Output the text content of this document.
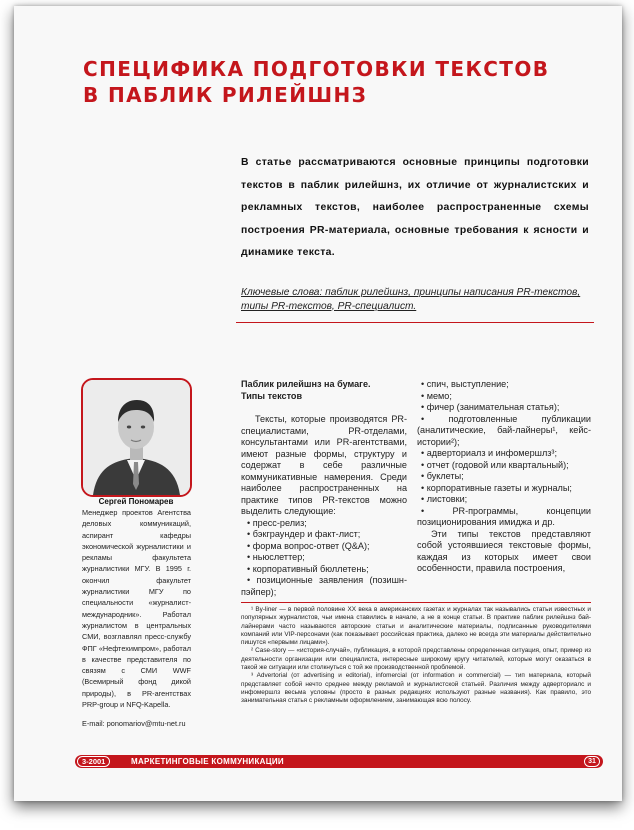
СПЕЦИФИКА ПОДГОТОВКИ ТЕКСТОВ
В ПАБЛИК РИЛЕЙШНЗ
В статье рассматриваются основные принципы подготовки текстов в паблик рилейшнз, их отличие от журналистских и рекламных текстов, наиболее распространенные схемы построения PR-материала, основные требования к ясности и динамике текста.
Ключевые слова: паблик рилейшнз, принципы написания PR-текстов, типы PR-текстов, PR-специалист.
Сергей Пономарев
Менеджер проектов Агентства деловых коммуникаций, аспирант кафедры экономической журналистики и рекламы факультета журналистики МГУ. В 1995 г. окончил факультет журналистики МГУ по специальности «журналист-международник». Работал журналистом в центральных СМИ, возглавлял пресс-службу ФПГ «Нефтехимпром», работал в качестве представителя по связям с СМИ WWF (Всемирный фонд дикой природы), в PR-агентствах PRP-group и NFQ-Kapella.
E-mail: ponomariov@mtu-net.ru
Паблик рилейшнз на бумаге.
Типы текстов
Тексты, которые производятся PR-специалистами, PR-отделами, консультантами или PR-агентствами, имеют разные формы, структуру и содержат в себе различные коммуникативные намерения. Среди наиболее распространенных на практике типов PR-текстов можно выделить следующие:
• пресс-релиз;
• бэкграундер и факт-лист;
• форма вопрос-ответ (Q&A);
• ньюслеттер;
• корпоративный бюллетень;
• позиционные заявления (позишн-пэйпер);
• спич, выступление;
• мемо;
• фичер (занимательная статья);
• подготовленные публикации (аналитические, бай-лайнеры¹, кейс-истории²);
• адверториалз и инфомершлз³;
• отчет (годовой или квартальный);
• буклеты;
• корпоративные газеты и журналы;
• листовки;
• PR-программы, концепции позиционирования имиджа и др.
Эти типы текстов представляют собой устоявшиеся текстовые формы, каждая из которых имеет свои особенности, правила построения,

¹ By-liner — в первой половине XX века в американских газетах и журналах так назывались статьи известных и популярных журналистов, чьи имена ставились в начале, а не в конце статьи. В практике паблик рилейшнз бай-лайнерами часто называются авторские статьи и аналитические материалы, подписанные руководителями компаний или VIP-персонами (как показывает российская практика, далеко не всегда эти материалы действительно пишутся «первыми лицами»).

² Case-story — «история-случай», публикация, в которой представлены определенная ситуация, опыт, пример из деятельности организации или специалиста, интересные широкому кругу читателей, которые могут оказаться в такой же ситуации или столкнуться с той же производственной проблемой.

³ Advertorial (от advertising и editorial), infomercial (от information и commercial) — тип материала, который представляет собой нечто среднее между рекламой и журналистской статьей. Различия между адверториалс и инфомершлз весьма условны (просто в разных редакциях используют разные названия). Как правило, это занимательная статья с рекламным оформлением, занимающая всю полосу.

3-2001	МАРКЕТИНГОВЫЕ КОММУНИКАЦИИ	31
